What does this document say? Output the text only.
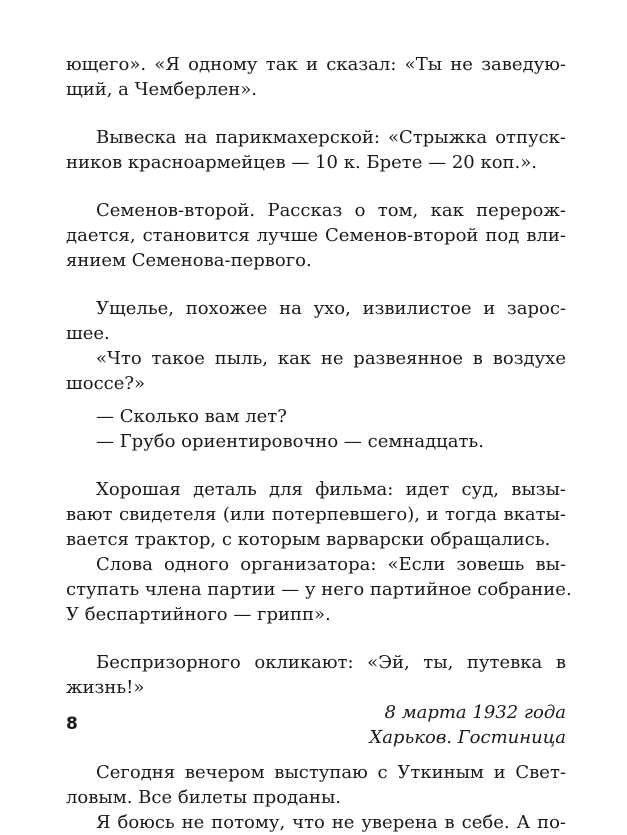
ющего». «Я одному так и сказал: «Ты не заведую-
щий, а Чемберлен».

Вывеска на парикмахерской: «Стрыжка отпуск-
ников красноармейцев — 10 к. Брете — 20 коп.».

Семенов-второй. Рассказ о том, как перерож-
дается, становится лучше Семенов-второй под вли-
янием Семенова-первого.

Ущелье, похожее на ухо, извилистое и зарос-
шее.

«Что такое пыль, как не развеянное в воздухе
шоссе?»

— Сколько вам лет?

— Грубо ориентировочно — семнадцать.

Хорошая деталь для фильма: идет суд, вызы-
вают свидетеля (или потерпевшего), и тогда вкаты-
вается трактор, с которым варварски обращались.

Слова одного организатора: «Если зовешь вы-
ступать члена партии — у него партийное собрание.
У беспартийного — грипп».

Беспризорного окликают: «Эй, ты, путевка в
жизнь!»

8 марта 1932 года
Харьков. Гостиница

Сегодня вечером выступаю с Уткиным и Свет-
ловым. Все билеты проданы.

Я боюсь не потому, что не уверена в себе. А по-

8
